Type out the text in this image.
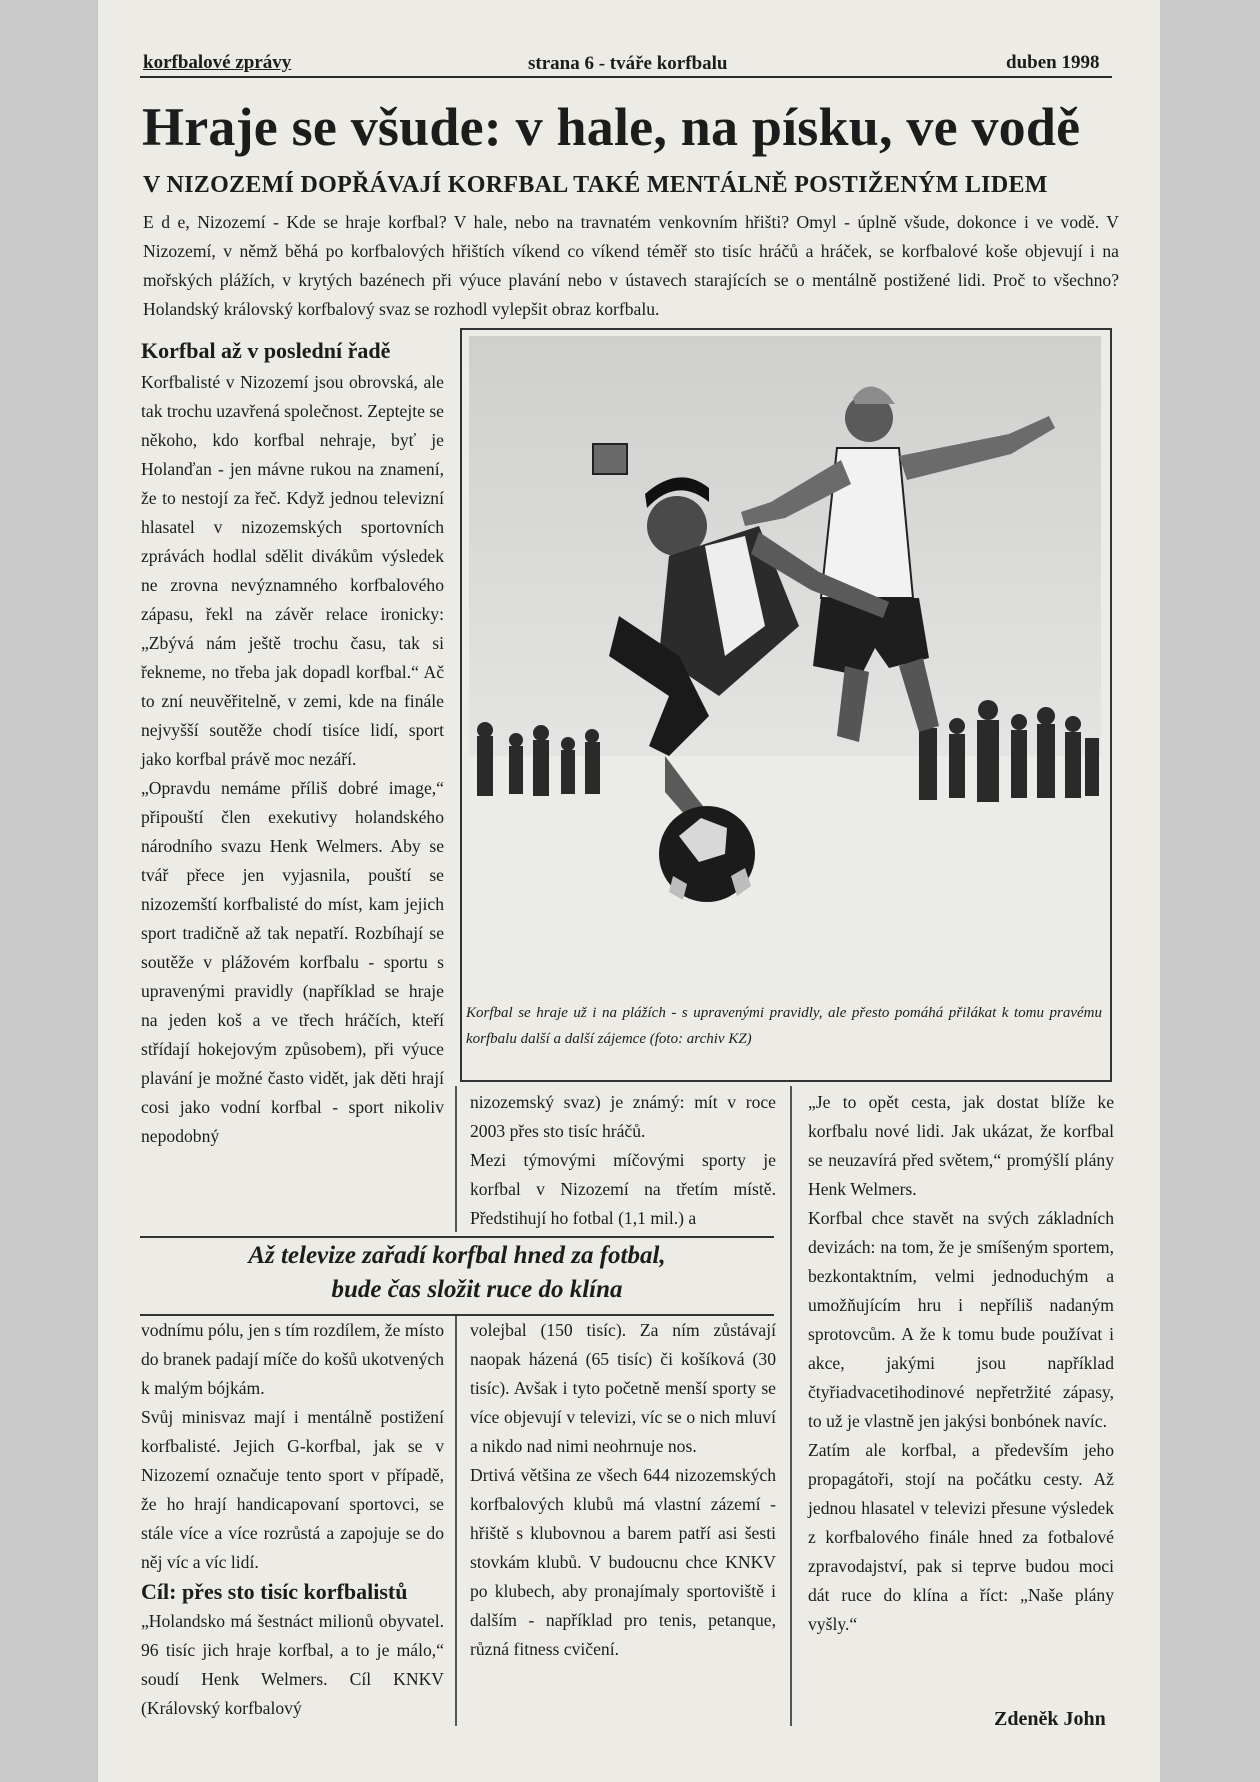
korfbalové zprávy	strana 6 - tváře korfbalu	duben 1998
Hraje se všude: v hale, na písku, ve vodě
V NIZOZEMÍ DOPŘÁVAJÍ KORFBAL TAKÉ MENTÁLNĚ POSTIŽENÝM LIDEM
E d e, Nizozemí - Kde se hraje korfbal? V hale, nebo na travnatém venkovním hřišti? Omyl - úplně všude, dokonce i ve vodě. V Nizozemí, v němž běhá po korfbalových hřištích víkend co víkend téměř sto tisíc hráčů a hráček, se korfbalové koše objevují i na mořských plážích, v krytých bazénech při výuce plavání nebo v ústavech starajících se o mentálně postižené lidi. Proč to všechno? Holandský královský korfbalový svaz se rozhodl vylepšit obraz korfbalu.
Korfbal až v poslední řadě

Korfbalisté v Nizozemí jsou obrovská, ale tak trochu uzavřená společnost. Zeptejte se někoho, kdo korfbal nehraje, byť je Holanďan - jen mávne rukou na znamení, že to nestojí za řeč. Když jednou televizní hlasatel v nizozemských sportovních zprávách hodlal sdělit divákům výsledek ne zrovna nevýznamného korfbalového zápasu, řekl na závěr relace ironicky: „Zbývá nám ještě trochu času, tak si řekneme, no třeba jak dopadl korfbal.“ Ač to zní neuvěřitelně, v zemi, kde na finále nejvyšší soutěže chodí tisíce lidí, sport jako korfbal právě moc nezáří.

„Opravdu nemáme příliš dobré image,“ připouští člen exekutivy holandského národního svazu Henk Welmers. Aby se tvář přece jen vyjasnila, pouští se nizozemští korfbalisté do míst, kam jejich sport tradičně až tak nepatří. Rozbíhají se soutěže v plážovém korfbalu - sportu s upravenými pravidly (například se hraje na jeden koš a ve třech hráčích, kteří střídají hokejovým způsobem), při výuce plavání je možné často vidět, jak děti hrají cosi jako vodní korfbal - sport nikoliv nepodobný

Korfbal se hraje už i na plážích - s upravenými pravidly, ale přesto pomáhá přilákat k tomu pravému korfbalu další a další zájemce (foto: archiv KZ)

nizozemský svaz) je známý: mít v roce 2003 přes sto tisíc hráčů.

Mezi týmovými míčovými sporty je korfbal v Nizozemí na třetím místě. Předstihují ho fotbal (1,1 mil.) a

Až televize zařadí korfbal hned za fotbal,
bude čas složit ruce do klína

vodnímu pólu, jen s tím rozdílem, že místo do branek padají míče do košů ukotvených k malým bójkám.

Svůj minisvaz mají i mentálně postižení korfbalisté. Jejich G-korfbal, jak se v Nizozemí označuje tento sport v případě, že ho hrají handicapovaní sportovci, se stále více a více rozrůstá a zapojuje se do něj víc a víc lidí.

Cíl: přes sto tisíc korfbalistů

„Holandsko má šestnáct milionů obyvatel. 96 tisíc jich hraje korfbal, a to je málo,“ soudí Henk Welmers. Cíl KNKV (Královský korfbalový

volejbal (150 tisíc). Za ním zůstávají naopak házená (65 tisíc) či košíková (30 tisíc). Avšak i tyto početně menší sporty se více objevují v televizi, víc se o nich mluví a nikdo nad nimi neohrnuje nos.

Drtivá většina ze všech 644 nizozemských korfbalových klubů má vlastní zázemí - hřiště s klubovnou a barem patří asi šesti stovkám klubů. V budoucnu chce KNKV po klubech, aby pronajímaly sportoviště i dalším - například pro tenis, petanque, různá fitness cvičení.

„Je to opět cesta, jak dostat blíže ke korfbalu nové lidi. Jak ukázat, že korfbal se neuzavírá před světem,“ promýšlí plány Henk Welmers.

Korfbal chce stavět na svých základních devizách: na tom, že je smíšeným sportem, bezkontaktním, velmi jednoduchým a umožňujícím hru i nepříliš nadaným sprotovcům. A že k tomu bude používat i akce, jakými jsou například čtyřiadvacetihodinové nepřetržité zápasy, to už je vlastně jen jakýsi bonbónek navíc.

Zatím ale korfbal, a především jeho propagátoři, stojí na počátku cesty. Až jednou hlasatel v televizi přesune výsledek z korfbalového finále hned za fotbalové zpravodajství, pak si teprve budou moci dát ruce do klína a říct: „Naše plány vyšly.“

Zdeněk John
